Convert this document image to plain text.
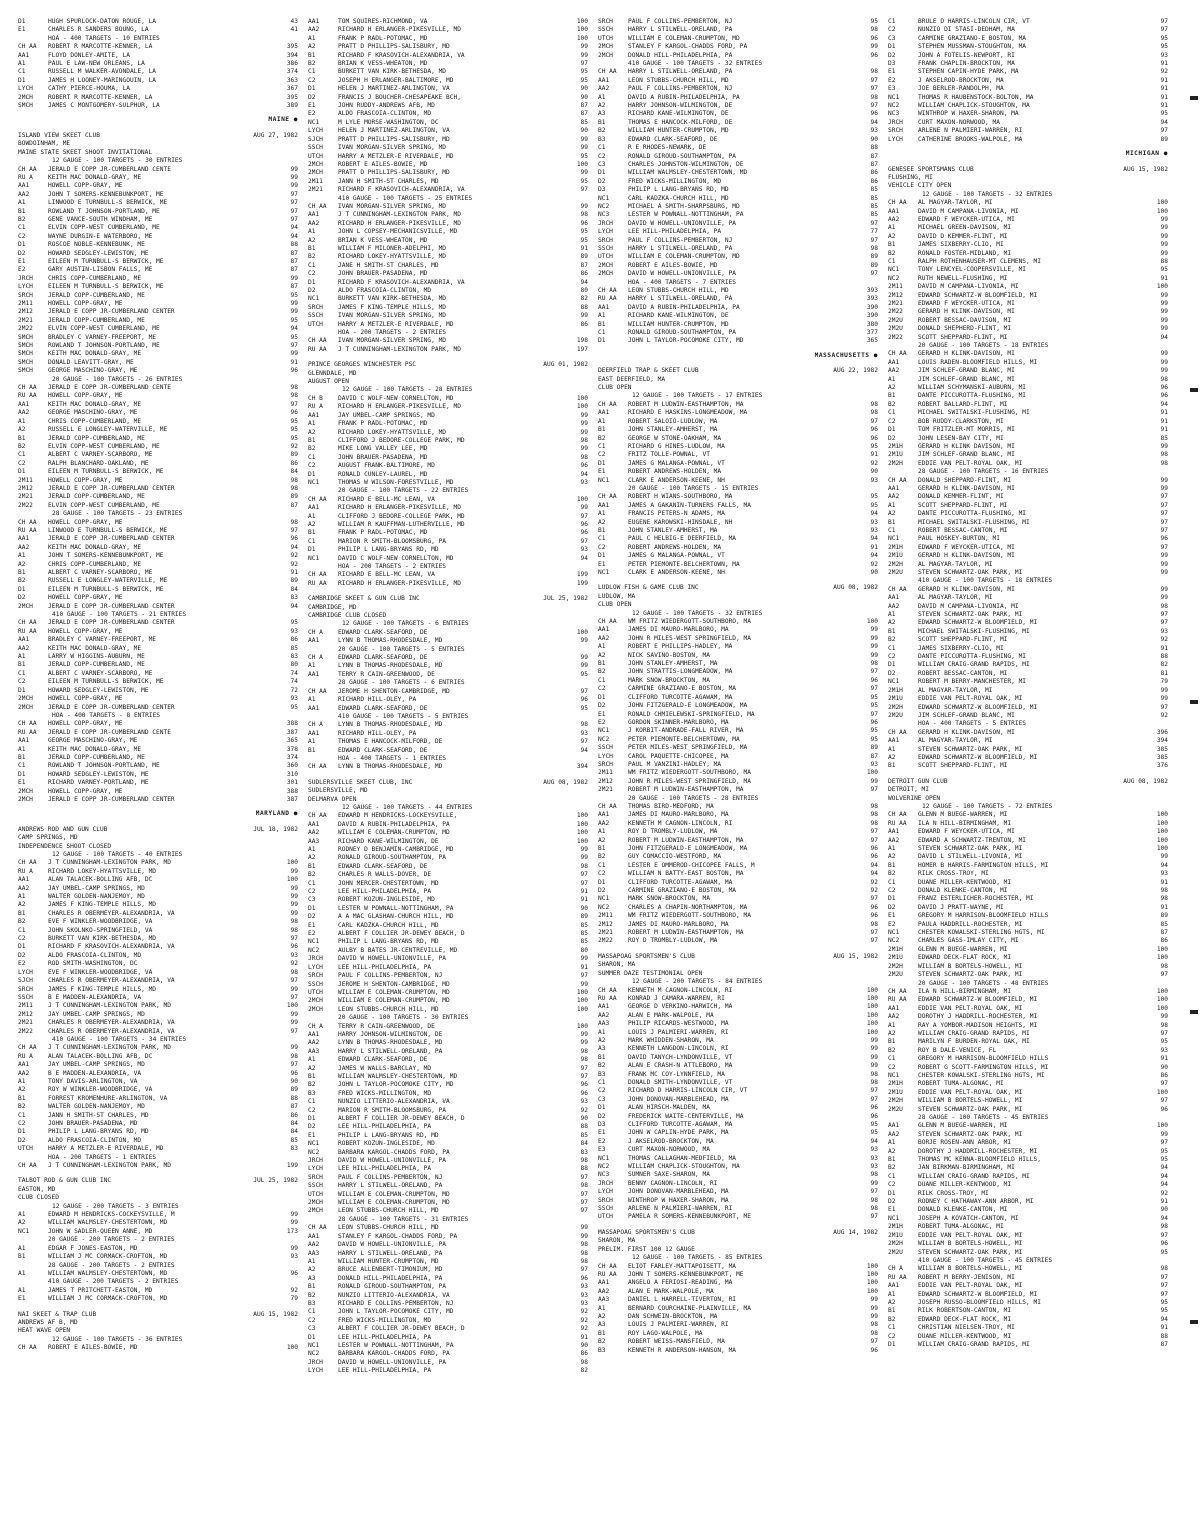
D1	HUGH SPURLOCK-DATON ROUGE, LA	43
E1	CHARLES R SANDERS BOUNG, LA	41
HOA - 400 TARGETS - 10 ENTRIES
CH AA	ROBERT R MARCOTTE-KENNER, LA	395
AA1	FLOYD DONLEY-AMITE, LA	394
A1	PAUL E LAW-NEW ORLEANS, LA	386
C1	RUSSELL M WALKER-AVONDALE, LA	374
D1	JAMES H LOONEY-MARINGOUIN, LA	363
LYCH	CATHY PIERCE-HOUMA, LA	367
2MCH	ROBERT R MARCOTTE-KENNER, LA	395
SMCH	JAMES C MONTGOMERY-SULPHUR, LA	389
MAINE ●
ISLAND VIEW SKEET CLUB	AUG 27, 1982
BOWDOINHAM, ME
MAINE STATE SKEET SHOOT INVITATIONAL
12 GAUGE - 100 TARGETS - 30 ENTRIES
CH AA	JERALD E COPP JR-CUMBERLAND CENTE	99
RU A	KEITH MAC DONALD-GRAY, ME	99
AA1	HOWELL COPP-GRAY, ME	99
AA2	JOHN T SOMERS-KENNEBUNKPORT, ME	97
A1	LINWOOD E TURNBULL-S BERWICK, ME	97
B1	ROWLAND T JOHNSON-PORTLAND, ME	97
B2	GENE VANCE-SOUTH WINDHAM, ME	97
C1	ELVIN COPP-WEST CUMBERLAND, ME	94
C2	WAYNE DURGIN-E WATERBORO, ME	94
D1	ROSCOE NOBLE-KENNEBUNK, ME	88
D2	HOWARD SEDGLEY-LEWISTON, ME	87
E1	EILEEN M TURNBULL-S BERWICK, ME	87
E2	GARY AUSTIN-LISBON FALLS, ME	87
JRCH	CHRIS COPP-CUMBERLAND, ME	99
LYCH	EILEEN M TURNBULL-S BERWICK, ME	87
SRCH	JERALD COPP-CUMBERLAND, ME	95
2M11	HOWELL COPP-GRAY, ME	99
2M12	JERALD E COPP JR-CUMBERLAND CENTER	99
2M21	JERALD COPP-CUMBERLAND, ME	95
2M22	ELVIN COPP-WEST CUMBERLAND, ME	94
SMCH	BRADLEY C VARNEY-FREEPORT, ME	95
SMCH	ROWLAND T JOHNSON-PORTLAND, ME	97
SMCH	KEITH MAC DONALD-GRAY, ME	99
SMCH	DONALD LEAVITT-GRAY, ME	91
SMCH	GEORGE MASCHINO-GRAY, ME	96
20 GAUGE - 100 TARGETS - 26 ENTRIES
CH AA	JERALD E COPP JR-CUMBERLAND CENTE	98
RU AA	HOWELL COPP-GRAY, ME	98
AA1	KEITH MAC DONALD-GRAY, ME	97
AA2	GEORGE MASCHINO-GRAY, ME	96
A1	CHRIS COPP-CUMBERLAND, ME	95
A2	RUSSELL E LONGLEY-WATERVILLE, ME	95
B1	JERALD COPP-CUMBERLAND, ME	95
B2	ELVIN COPP-WEST CUMBERLAND, ME	92
C1	ALBERT C VARNEY-SCARBORO, ME	89
C2	RALPH BLANCHARD-OAKLAND, ME	86
D1	EILEEN M TURNBULL-S BERWICK, ME	84
2M11	HOWELL COPP-GRAY, ME	98
2M12	JERALD E COPP JR-CUMBERLAND CENTER	98
2M21	JERALD COPP-CUMBERLAND, ME	89
2M22	ELVIN COPP-WEST CUMBERLAND, ME	87
28 GAUGE - 100 TARGETS - 23 ENTRIES
CH AA	HOWELL COPP-GRAY, ME	98
RU AA	LINWOOD E TURNBULL-S BERWICK, ME	97
AA1	JERALD E COPP JR-CUMBERLAND CENTER	96
AA2	KEITH MAC DONALD-GRAY, ME	94
A1	JOHN T SOMERS-KENNEBUNKPORT, ME	92
A2	CHRIS COPP-CUMBERLAND, ME	92
B1	ALBERT C VARNEY-SCARBORO, ME	91
B2	RUSSELL E LONGLEY-WATERVILLE, ME	89
D1	EILEEN M TURNBULL-S BERWICK, ME	84
D2	HOWELL COPP-GRAY, ME	83
2MCH	JERALD E COPP JR-CUMBERLAND CENTER	94
410 GAUGE - 100 TARGETS - 21 ENTRIES
CH AA	JERALD E COPP JR-CUMBERLAND CENTER	95
RU AA	HOWELL COPP-GRAY, ME	93
AA1	BRADLEY C VARNEY-FREEPORT, ME	86
AA2	KEITH MAC DONALD-GRAY, ME	85
A1	LARRY W HIGGINS-AUBURN, ME	83
B1	JERALD COPP-CUMBERLAND, ME	80
C1	ALBERT C VARNEY-SCARBORO, ME	74
C2	EILEEN M TURNBULL-S BERWICK, ME	74
D1	HOWARD SEDGLEY-LEWISTON, ME	72
2MCH	HOWELL COPP-GRAY, ME	93
2MCH	JERALD E COPP JR-CUMBERLAND CENTER	95
HOA - 400 TARGETS - 8 ENTRIES
CH AA	HOWELL COPP-GRAY, ME	388
RU AA	JERALD E COPP JR-CUMBERLAND CENTE	387
AA1	GEORGE MASCHINO-GRAY, ME	365
A1	KEITH MAC DONALD-GRAY, ME	378
B1	JERALD COPP-CUMBERLAND, ME	374
C1	ROWLAND T JOHNSON-PORTLAND, ME	360
D1	HOWARD SEDGLEY-LEWISTON, ME	310
E1	RICHARD VARNEY-PORTLAND, ME	301
2MCH	HOWELL COPP-GRAY, ME	388
2MCH	JERALD E COPP JR-CUMBERLAND CENTER	387
MARYLAND ●
ANDREWS ROD AND GUN CLUB	JUL 18, 1982
CAMP SPRINGS, MD
INDEPENDENCE SHOOT CLOSED
12 GAUGE - 100 TARGETS - 40 ENTRIES
CH AA	J T CUNNINGHAM-LEXINGTON PARK, MD	100
RU A	RICHARD LOKEY-HYATTSVILLE, MD	99
AA1	ALAN TALACEK-BOLLING AFB, DC	100
AA2	JAY UMBEL-CAMP SPRINGS, MD	99
A1	WALTER GOLDEN-NANJEMOY, MD	99
A2	JAMES F KING-TEMPLE HILLS, MD	99
B1	CHARLES R OBERMEYER-ALEXANDRIA, VA	99
B2	EVE F WINKLER-WOODBRIDGE, VA	98
C1	JOHN SKOLNKO-SPRINGFIELD, VA	98
C2	BURKETT VAN KIRK-BETHESDA, MD	97
D1	RICHARD F KRASOVICH-ALEXANDRIA, VA	96
D2	ALDO FRASCOIA-CLINTON, MD	93
E2	ROD SMITH-WASHINGTON, DC	92
LYCH	EVE F WINKLER-WOODBRIDGE, VA	98
SJCH	CHARLES R OBERMEYER-ALEXANDRIA, VA	97
SRCH	JAMES F KING-TEMPLE HILLS, MD	99
SSCH	B E MADDEN-ALEXANDRIA, VA	97
2M11	J T CUNNINGHAM-LEXINGTON PARK, MD	100
2M12	JAY UMBEL-CAMP SPRINGS, MD	99
2M21	CHARLES R OBERMEYER-ALEXANDRIA, VA	99
2M22	CHARLES R OBERMEYER-ALEXANDRIA, VA	97
410 GAUGE - 100 TARGETS - 34 ENTRIES
CH AA	J T CUNNINGHAM-LEXINGTON PARK, MD	99
RU A	ALAN TALACEK-BOLLING AFB, DC	98
AA1	JAY UMBEL-CAMP SPRINGS, MD	97
AA2	B E MADDEN-ALEXANDRIA, VA	96
A1	TONY DAVIS-ARLINGTON, VA	90
A2	ROY W WINKLER-WOODBRIDGE, VA	89
B1	FORREST KROMENHURE-ARLINGTON, VA	88
B2	WALTER GOLDEN-NANJEMOY, MD	87
C1	JANN H SMITH-ST CHARLES, MD	86
C2	JOHN BRAUER-PASADENA, MD	84
D1	PHILIP L LANG-BRYANS RD, MD	84
D2	ALDO FRASCOIA-CLINTON, MD	85
UTCH	HARRY A METZLER-E RIVERDALE, MD	83
HOA - 200 TARGETS - 1 ENTRIES
CH AA	J T CUNNINGHAM-LEXINGTON PARK, MD	199
TALBOT ROD & GUN CLUB INC	JUL 25, 1982
EASTON, MD
CLUB CLOSED
12 GAUGE - 200 TARGETS - 3 ENTRIES
A1	EDWARD M HENDRICKS-COCKEYSVILLE, M	99
A2	WILLIAM WALMSLEY-CHESTERTOWN, MD	99
NC1	JOHN W SADLER-QUEEN ANNE, MD	173
20 GAUGE - 200 TARGETS - 2 ENTRIES
A1	EDGAR F JONES-EASTON, MD	99
B1	WILLIAM J MC CORMACK-CROFTON, MD	93
28 GAUGE - 200 TARGETS - 2 ENTRIES
A1	WILLIAM WALMSLEY-CHESTERTOWN, MD	96
410 GAUGE - 200 TARGETS - 2 ENTRIES
A1	JAMES T PRITCHETT-EASTON, MD	92
E1	WILLIAM J MC CORMACK-CROFTON, MD	79
NAI SKEET & TRAP CLUB	AUG 15, 1982
ANDREWS AF B, MD
HEAT WAVE OPEN
12 GAUGE - 100 TARGETS - 36 ENTRIES
CH AA	ROBERT E AILES-BOWIE, MD	100
AA1	TOM SQUIRES-RICHMOND, VA	100
AA2	RICHARD H ERLANGER-PIKESVILLE, MD	100
A1	FRANK P RADL-POTOMAC, MD	100
A2	PRATT D PHILLIPS-SALISBURY, MD	99
B1	RICHARD F KRASOVICH-ALEXANDRIA, VA	99
B2	BRIAN K VESS-WHEATON, MD	97
C1	BURKETT VAN KIRK-BETHESDA, MD	95
C2	JOSEPH H ERLANGER-BALTIMORE, MD	95
D1	HELEN J MARTINEZ-ARLINGTON, VA	90
D2	FRANCIS J BOUCHER-CHESAPEAKE BCH,	90
E1	JOHN RUDDY-ANDREWS AFB, MD	87
E2	ALDO FRASCOIA-CLINTON, MD	87
NC1	M LYLE MORSE-WASHINGTON, DC	85
LYCH	HELEN J MARTINEZ-ARLINGTON, VA	90
SJCH	PRATT D PHILLIPS-SALISBURY, MD	99
SSCH	IVAN MORGAN-SILVER SPRING, MD	99
UTCH	HARRY A METZLER-E RIVERDALE, MD	95
2MCH	ROBERT E AILES-BOWIE, MD	100
2MCH	PRATT D PHILLIPS-SALISBURY, MD	99
2M11	JANN H SMITH-ST CHARLES, MD	95
2M21	RICHARD F KRASOVICH-ALEXANDRIA, VA	97
410 GAUGE - 100 TARGETS - 25 ENTRIES
CH AA	IVAN MORGAN-SILVER SPRING, MD	99
AA1	J T CUNNINGHAM-LEXINGTON PARK, MD	98
AA2	RICHARD H ERLANGER-PIKESVILLE, MD	96
A1	JOHN L COPSEY-MECHANICSVILLE, MD	95
A2	BRIAN K VESS-WHEATON, MD	95
B1	WILLIAM F MILONER-ADELPHI, MD	91
B2	RICHARD LOKEY-HYATTSVILLE, MD	89
C1	JANE H SMITH-ST CHARLES, MD	87
C2	JOHN BRAUER-PASADENA, MD	86
D1	RICHARD F KRASOVICH-ALEXANDRIA, VA	94
D2	ALDO FRASCOIA-CLINTON, MD	80
NC1	BURKETT VAN KIRK-BETHESDA, MD	82
SRCH	JAMES F KING-TEMPLE HILLS, MD	88
SSCH	IVAN MORGAN-SILVER SPRING, MD	99
UTCH	HARRY A METZLER-E RIVERDALE, MD	86
HOA - 200 TARGETS - 2 ENTRIES
CH AA	IVAN MORGAN-SILVER SPRING, MD	198
RU AA	J T CUNNINGHAM-LEXINGTON PARK, MD	197
PRINCE GEORGES WINCHESTER PSC	AUG 01, 1982
GLENNDALE, MD
AUGUST OPEN
12 GAUGE - 100 TARGETS - 28 ENTRIES
CH B	DAVID C WOLF-NEW CORNELLTON, MD	100
RU A	RICHARD H ERLANGER-PIKESVILLE, MD	100
AA1	JAY UMBEL-CAMP SPRINGS, MD	99
A1	FRANK P RADL-POTOMAC, MD	99
A2	RICHARD LOKEY-HYATTSVILLE, MD	99
B1	CLIFFORD J BEDORE-COLLEGE PARK, MD	98
B2	MIKE LONG VALLEY LEE, MD	99
C1	JOHN BRAUER-PASADENA, MD	98
C2	AUGUST FRANK-BALTIMORE, MD	96
D1	RONALD CUNLEY-LAUREL, MD	94
NC1	THOMAS W WILSON-FORESTVILLE, MD	93
20 GAUGE - 100 TARGETS - 22 ENTRIES
CH AA	RICHARD E BELL-MC LEAN, VA	100
AA1	RICHARD H ERLANGER-PIKESVILLE, MD	99
A1	CLIFFORD J BEDORE-COLLEGE PARK, MD	97
A2	WILLIAM R KAUFFMAN-LUTHERVILLE, MD	96
B1	FRANK P RADL-POTOMAC, MD	96
C1	MARION R SMITH-BLOOMSBURG, PA	97
D1	PHILIP L LANG-BRYANS RD, MD	93
NC1	DAVID C WOLF-NEW CORNELLTON, MD	94
HOA - 200 TARGETS - 2 ENTRIES
CH AA	RICHARD E BELL-MC LEAN, VA	199
RU AA	RICHARD H ERLANGER-PIKESVILLE, MD	199
CAMBRIDGE SKEET & GUN CLUB INC	JUL 25, 1982
CAMBRIDGE, MD
CAMBRIDGE CLUB CLOSED
12 GAUGE - 100 TARGETS - 6 ENTRIES
CH A	EDWARD CLARK-SEAFORD, DE	100
AA1	LYNN B THOMAS-RHODESDALE, MD	99
20 GAUGE - 100 TARGETS - 5 ENTRIES
CH A	EDWARD CLARK-SEAFORD, DE	99
A1	LYNN B THOMAS-RHODESDALE, MD	99
AA1	TERRY R CAIN-GREENWOOD, DE	95
28 GAUGE - 100 TARGETS - 6 ENTRIES
CH AA	JEROME H SHENTON-CAMBRIDGE, MD	97
A1	RICHARD HILL-OLEY, PA	96
AA1	EDWARD CLARK-SEAFORD, DE	95
410 GAUGE - 100 TARGETS - 5 ENTRIES
CH A	LYNN B THOMAS-RHODESDALE, MD	98
AA1	RICHARD HILL-OLEY, PA	93
A1	THOMAS E HANCOCK-MILFORD, DE	97
B1	EDWARD CLARK-SEAFORD, DE	94
HOA - 400 TARGETS - 1 ENTRIES
CH AA	LYNN B THOMAS-RHODESDALE, MD	394
SUDLERSVILLE SKEET CLUB, INC	AUG 08, 1982
SUDLERSVILLE, MD
DELMARVA OPEN
12 GAUGE - 100 TARGETS - 44 ENTRIES
CH AA	EDWARD M HENDRICKS-LOCKEYSVILLE,	100
AA1	DAVID A RUBIN-PHILADELPHIA, PA	100
AA2	WILLIAM E COLEMAN-CRUMPTON, MD	100
AA3	RICHARD KANE-WILMINGTON, DE	100
A1	RODNEY D BENJAMIN-CAMBRIDGE, MD	99
A2	RONALD GIROUD-SOUTHAMPTON, PA	99
B1	EDWARD CLARK-SEAFORD, DE	98
B2	CHARLES R WALLS-DOVER, DE	97
C1	JOHN MERCER-CHESTERTOWN, MD	97
C2	LEE HILL-PHILADELPHIA, PA	91
C3	ROBERT KOZUN-INGLESIDE, MD	91
D1	LESTER W POWNALL-NOTTINGHAM, PA	90
D2	A A MAC GLASHAN-CHURCH HILL, MD	89
E1	CARL KADZKA-CHURCH HILL, MD	85
E2	ALBERT F COLLIER JR-DEWEY BEACH, D	85
NC1	PHILIP L LANG-BRYANS RD, MD	85
NC2	AULBY B BATES JR-CENTREVILLE, MD	80
JRCH	DAVID W HOWELL-UNIONVILLE, PA	99
LYCH	LEE HILL-PHILADELPHIA, PA	91
SRCH	PAUL F COLLINS-PEMBERTON, NJ	97
SSCH	JEROME H SHENTON-CAMBRIDGE, MD	99
UTCH	WILLIAM E COLEMAN-CRUMPTON, MD	100
2MCH	WILLIAM E COLEMAN-CRUMPTON, MD	100
2MCH	LEON STUBBS-CHURCH HILL, MD	100
20 GAUGE - 100 TARGETS - 30 ENTRIES
CH A	TERRY R CAIN-GREENWOOD, DE	100
AA1	HARRY JOHNSON-WILMINGTON, DE	99
AA2	LYNN B THOMAS-RHODESDALE, MD	99
AA3	HARRY L STILWELL-ORELAND, PA	98
A1	EDWARD CLARK-SEAFORD, DE	98
A2	JAMES W WALLS-BARCLAY, MD	97
B1	WILLIAM WALMSLEY-CHESTERTOWN, MD	97
B2	JOHN L TAYLOR-POCOMOKE CITY, MD	96
B3	FRED WICKS-MILLINGTON, MD	96
C1	NUNZIO LITTERIO-ALEXANDRIA, VA	93
C2	MARION R SMITH-BLOOMSBURG, PA	92
D1	ALBERT F COLLIER JR-DEWEY BEACH, D	90
D2	LEE HILL-PHILADELPHIA, PA	88
E1	PHILIP L LANG-BRYANS RD, MD	85
NC1	ROBERT KOZUN-INGLESIDE, MD	84
NC2	BARBARA KARGOL-CHADDS FORD, PA	83
JRCH	DAVID W HOWELL-UNIONVILLE, PA	98
LYCH	LEE HILL-PHILADELPHIA, PA	88
SRCH	PAUL F COLLINS-PEMBERTON, NJ	97
SSCH	HARRY L STILWELL-ORELAND, PA	98
UTCH	WILLIAM E COLEMAN-CRUMPTON, MD	97
2MCH	WILLIAM E COLEMAN-CRUMPTON, MD	97
2MCH	LEON STUBBS-CHURCH HILL, MD	97
28 GAUGE - 100 TARGETS - 31 ENTRIES
CH AA	LEON STUBBS-CHURCH HILL, MD	99
AA1	STANLEY F KARGOL-CHADDS FORD, PA	99
AA2	DAVID W HOWELL-UNIONVILLE, PA	98
AA3	HARRY L STILWELL-ORELAND, PA	98
A1	WILLIAM HUNTER-CRUMPTON, MD	98
A2	BRUCE ALLENBERT-TIMONIUM, MD	97
A3	DONALD HILL-PHILADELPHIA, PA	96
B1	RONALD GIROUD-SOUTHAMPTON, PA	93
B2	NUNZIO LITTERIO-ALEXANDRIA, VA	93
B3	RICHARD E COLLINS-PEMBERTON, NJ	93
C1	JOHN L TAYLOR-POCOMOKE CITY, MD	92
C2	FRED WICKS-MILLINGTON, MD	92
C3	ALBERT F COLLIER JR-DEWEY BEACH, D	92
D1	LEE HILL-PHILADELPHIA, PA	91
NC1	LESTER W POWNALL-NOTTINGHAM, PA	90
NC2	BARBARA KARGOL-CHADDS FORD, PA	86
JRCH	DAVID W HOWELL-UNIONVILLE, PA	98
LYCH	LEE HILL-PHILADELPHIA, PA	82
SRCH	PAUL F COLLINS-PEMBERTON, NJ	95
SSCH	HARRY L STILWELL-ORELAND, PA	98
UTCH	WILLIAM E COLEMAN-CRUMPTON, MD	96
2MCH	STANLEY F KARGOL-CHADDS FORD, PA	99
2MCH	DONALD HILL-PHILADELPHIA, PA	96
410 GAUGE - 100 TARGETS - 32 ENTRIES
CH AA	HARRY L STILWELL-ORELAND, PA	98
AA1	LEON STUBBS-CHURCH HILL, MD	97
AA2	PAUL F COLLINS-PEMBERTON, NJ	97
A1	DAVID A RUBIN-PHILADELPHIA, PA	98
A2	HARRY JOHNSON-WILMINGTON, DE	97
A3	RICHARD KANE-WILMINGTON, DE	96
B1	THOMAS E HANCOCK-MILFORD, DE	94
B2	WILLIAM HUNTER-CRUMPTON, MD	93
B3	EDWARD CLARK-SEAFORD, DE	90
C1	R E RHODES-NEWARK, DE	88
C2	RONALD GIROUD-SOUTHAMPTON, PA	87
C3	CHARLES JOHNSTON-WILMINGTON, DE	87
D1	WILLIAM WALMSLEY-CHESTERTOWN, MD	86
D2	FRED WICKS-MILLINGTON, MD	86
D3	PHILIP L LANG-BRYANS RD, MD	85
NC1	CARL KADZKA-CHURCH HILL, MD	85
NC2	MICHAEL A SMITH-SHARPSBURG, MD	85
NC3	LESTER W POWNALL-NOTTINGHAM, PA	85
JRCH	DAVID W HOWELL-UNIONVILLE, PA	97
LYCH	LEE HILL-PHILADELPHIA, PA	77
SRCH	PAUL F COLLINS-PEMBERTON, NJ	97
SSCH	HARRY L STILWELL-ORELAND, PA	98
UTCH	WILLIAM E COLEMAN-CRUMPTON, MD	89
2MCH	ROBERT E AILES-BOWIE, MD	89
2MCH	DAVID W HOWELL-UNIONVILLE, PA	97
HOA - 400 TARGETS - 7 ENTRIES
CH AA	LEON STUBBS-CHURCH HILL, MD	393
RU AA	HARRY L STILWELL-ORELAND, PA	393
AA1	DAVID A RUBIN-PHILADELPHIA, PA	390
A1	RICHARD KANE-WILMINGTON, DE	390
B1	WILLIAM HUNTER-CRUMPTON, MD	380
C1	RONALD GIROUD-SOUTHAMPTON, PA	377
D1	JOHN L TAYLOR-POCOMOKE CITY, MD	365
MASSACHUSETTS ●
DEERFIELD TRAP & SKEET CLUB	AUG 22, 1982
EAST DEERFIELD, MA
CLUB OPEN
12 GAUGE - 100 TARGETS - 17 ENTRIES
CH AA	ROBERT M LUDWIN-EASTHAMPTON, MA	98
AA1	RICHARD E HASKINS-LONGMEADOW, MA	98
A1	ROBERT SALOIO-LUDLOW, MA	97
B1	JOHN STANLEY-AMHERST, MA	96
B2	GEORGE W STONE-OAKHAM, MA	96
C1	RICHARD G HINES-LUDLOW, MA	95
C2	FRITZ TOLLE-POWNAL, VT	91
D1	JAMES G MALANGA-POWNAL, VT	92
E1	ROBERT ANDREWS-HOLDEN, MA	90
NC1	CLARK E ANDERSON-KEENE, NH	93
20 GAUGE - 100 TARGETS - 15 ENTRIES
CH AA	ROBERT H WIANS-SOUTHBORO, MA	95
AA1	JAMES A GAKANIN-TURNERS FALLS, MA	95
A1	FRANCIS PETERS-N ADAMS, MA	94
A2	EUGENE KAROWSKI-HINSDALE, NH	93
B1	JOHN STANLEY-AMHERST, MA	93
C1	PAUL C HELBIG-E DEERFIELD, MA	94
C2	ROBERT ANDREWS-HOLDEN, MA	91
D1	JAMES G MALANGA-POWNAL, VT	94
E1	PETER PIEMONTE-BELCHERTOWN, MA	92
NC1	CLARK E ANDERSON-KEENE, NH	90
LUDLOW FISH & GAME CLUB INC	AUG 08, 1982
LUDLOW, MA
CLUB OPEN
12 GAUGE - 100 TARGETS - 32 ENTRIES
CH AA	WM FRITZ WIEDERGOTT-SOUTHBORO, MA	100
AA1	JAMES DI MAURO-MARLBORO, MA	99
AA2	JOHN R MILES-WEST SPRINGFIELD, MA	99
A1	ROBERT E PHILLIPS-HADLEY, MA	99
A2	NICK SAVINO-BOSTON, MA	99
B1	JOHN STANLEY-AMHERST, MA	98
B2	JOHN STRATTIS-LONGMEADOW, MA	97
C1	MARK SNOW-BROCKTON, MA	96
C2	CARMINE GRAZIANO-E BOSTON, MA	97
D1	CLIFFORD TURCOTTE-AGAWAM, MA	95
D2	JOHN FITZGERALD-E LONGMEADOW, MA	95
E1	RONALD CHMIELEWSKI-SPRINGFIELD, MA	97
E2	GORDON SKINNER-MARLBORO, MA	96
NC1	J KORBIT-ANDRADE-FALL RIVER, MA	95
NC2	PETER PIEMONTE-BELCHERTOWN, MA	95
SSCH	PETER MILES-WEST SPRINGFIELD, MA	89
LYCH	CAROL PAQUETTE-CHICOPEE, MA	87
SRCH	PAUL M VANZINI-HADLEY, MA	93
2M11	WM FRITZ WIEDERGOTT-SOUTHBORO, MA	100
2M12	JOHN R MILES-WEST SPRINGFIELD, MA	99
2M21	ROBERT M LUDWIN-EASTHAMPTON, MA	97
20 GAUGE - 100 TARGETS - 28 ENTRIES
CH AA	THOMAS BIRD-MEDFORD, MA	98
AA1	JAMES DI MAURO-MARLBORO, MA	98
AA2	KENNETH M CAGNON-LINCOLN, RI	98
A1	ROY D TROMBLY-LUDLOW, MA	97
A2	ROBERT M LUDWIN-EASTHAMPTON, MA	97
B1	JOHN FITZGERALD-E LONGMEADOW, MA	96
B2	GUY COMACCIO-WESTFORD, MA	96
C1	LESTER E OMMEROD-CHICOPEE FALLS, M	94
C2	WILLIAM N BATTY-EAST BOSTON, MA	94
D1	CLIFFORD TURCOTTE-AGAWAM, MA	92
D2	CARMINE GRAZIANO-E BOSTON, MA	92
NC1	MARK SNOW-BROCKTON, MA	97
NC2	CHARLES A CHAPIN-NORTHAMPTON, MA	96
2M11	WM FRITZ WIEDERGOTT-SOUTHBORO, MA	96
2M12	JAMES DI MAURO-MARLBORO, MA	98
2M21	ROBERT M LUDWIN-EASTHAMPTON, MA	97
2M22	ROY D TROMBLY-LUDLOW, MA	97
MASSAPOAG SPORTSMEN'S CLUB	AUG 15, 1982
SHARON, MA
SUMMER DAZE TESTIMONIAL OPEN
12 GAUGE - 200 TARGETS - 84 ENTRIES
CH AA	KENNETH M CAGNON-LINCOLN, RI	100
RU AA	KONRAD J CAMARA-WARREN, RI	100
AA1	GEORGE D VERKINO-HARWICH, MA	100
AA2	ALAN E MARK-WALPOLE, MA	100
AA3	PHILIP RICARDS-WESTWOOD, MA	100
A1	LOUIS J PALMIERI-WARREN, RI	100
A2	MARK WHIDDEN-SHARON, MA	99
A3	KENNETH LANGDON-LINCOLN, RI	99
B1	DAVID TANYCH-LYNDONVILLE, VT	99
B2	ALAN E CRASH-N ATTLEBORO, MA	99
B3	FRANK MC COY-LYNNFIELD, MA	98
C1	DONALD SMITH-LYNDONVILLE, VT	98
C2	RICHARD D HARRIS-LINCOLN CIR, VT	97
C3	JOHN DONOVAN-MARBLEHEAD, MA	97
D1	ALAN HIRSCH-MALDEN, MA	96
D2	FREDERICK WAITE-CENTERVILLE, MA	96
D3	CLIFFORD TURCOTTE-AGAWAM, MA	95
E1	JOHN W CAPLIN-HYDE PARK, MA	95
E2	J AKSELROD-BROCKTON, MA	94
E3	CURT MAXON-NORWOOD, MA	93
NC1	THOMAS CALLAGHAN-MEDFIELD, MA	93
NC2	WILLIAM CHAPLICK-STOUGHTON, MA	93
NC3	SUMNER SAXE-SHARON, MA	98
JRCH	BENNY CAGNON-LINCOLN, RI	99
LYCH	JOHN DONOVAN-MARBLEHEAD, MA	97
SRCH	WINTHROP W HAXER-SHARON, MA	98
SSCH	ARLENE N PALMIERI-WARREN, RI	98
UTCH	PAMELA R SOMERS-KENNEBUNKPORT, ME	97
MASSAPOAG SPORTSMEN'S CLUB	AUG 14, 1982
SHARON, MA
PRELIM. FIRST 100 12 GAUGE
12 GAUGE - 100 TARGETS - 85 ENTRIES
CH AA	ELIOT FARLEY-MATTAPOISETT, MA	100
RU AA	JOHN T SOMERS-KENNEBUNKPORT, ME	100
AA1	ANGELO A FERIOSI-READING, MA	100
AA2	ALAN E MARK-WALPOLE, MA	100
AA3	DANIEL L HARRELL-TIVERTON, RI	99
A1	BERNARD COURCHAINE-PLAINVILLE, MA	99
A2	DAN SCHWEIN-BROCKTON, MA	99
A3	LOUIS J PALMIERI-WARREN, RI	98
B1	ROY LAGO-WALPOLE, MA	98
B2	ROBERT WEISS-MANSFIELD, MA	97
B3	KENNETH R ANDERSON-HANSON, MA	96
C1	BRULE D HARRIS-LINCOLN CIR, VT	97
C2	NUNZIO DI STASI-DEDHAM, MA	97
C3	CARMINE GRAZIANO-E BOSTON, MA	95
D1	STEPHEN MUSSMAN-STOUGHTON, MA	95
D2	JOHN A FOTELIS-NEWPORT, RI	93
D3	FRANK CHAPLIN-BROCKTON, MA	91
E1	STEPHEN CAPIN-HYDE PARK, MA	92
E2	J AKSELROD-BROCKTON, MA	91
E3	JOE BERLER-RANDOLPH, MA	91
NC1	THOMAS R HAUBENSTOCK-BOLTON, MA	91
NC2	WILLIAM CHAPLICK-STOUGHTON, MA	91
NC3	WINTHROP W HAXER-SHARON, MA	95
JRCH	CURT MAXON-NORWOOD, MA	94
SRCH	ARLENE N PALMIERI-WARREN, RI	97
LYCH	CATHERINE BROOKS-WALPOLE, MA	89
MICHIGAN ●
GENESEE SPORTSMANS CLUB	AUG 15, 1982
FLUSHING, MI
VEHICLE CITY OPEN
12 GAUGE - 100 TARGETS - 32 ENTRIES
CH AA	AL MAGYAR-TAYLOR, MI	100
AA1	DAVID M CAMPANA-LIVONIA, MI	100
AA2	EDWARD F WEYCKER-UTICA, MI	99
A1	MICHAEL GREEN-DAVISON, MI	99
A2	DAVID D KEMMER-FLINT, MI	99
B1	JAMES SIXBERRY-CLIO, MI	99
B2	RONALD FOSTER-MIDLAND, MI	99
C1	RALPH ROTHENHAUSER-MT CLEMENS, MI	88
NC1	TONY LENCYEL-COOPERSVILLE, MI	95
NC2	RUTH NEWELL-FLUSHING, MI	91
2M11	DAVID M CAMPANA-LIVONIA, MI	100
2M12	EDWARD SCHWARTZ-W BLOOMFIELD, MI	99
2M21	EDWARD F WEYCKER-UTICA, MI	99
2M22	GERARD H KLINK-DAVISON, MI	99
2M2U	ROBERT BESSAC-DAVISON, MI	99
2M2U	DONALD SHEPHERD-FLINT, MI	99
2M22	SCOTT SHEPPARD-FLINT, MI	94
20 GAUGE - 100 TARGETS - 18 ENTRIES
CH AA	GERARD H KLINK-DAVISON, MI	99
AA1	LOUIS RADEN-BLOOMFIELD HILLS, MI	99
AA2	JIM SCHLEF-GRAND BLANC, MI	99
A1	JIM SCHLEF-GRAND BLANC, MI	98
A2	WILLIAM SCHYMANSKI-AUBURN, MI	96
B1	DANTE PICCUROTTA-FLUSHING, MI	96
B2	ROBERT BALLARD-FLINT, MI	94
C1	MICHAEL SWITALSKI-FLUSHING, MI	91
C2	BOB RUDDY-CLARKSTON, MI	91
D1	TOM FRITZLER-MT MORRIS, MI	91
D2	JOHN LESEN-BAY CITY, MI	85
2M1H	GERARD H KLINK DAVISON, MI	99
2M1U	JIM SCHLEF-GRAND BLANC, MI	98
2M2H	EDDIE VAN PELT-ROYAL OAK, MI	98
28 GAUGE - 100 TARGETS - 16 ENTRIES
CH AA	DONALD SHEPPARD-FLINT, MI	99
AA1	GERARD H KLINK-DAVISON, MI	99
AA2	DONALD KEMMER-FLINT, MI	97
A1	SCOTT SHEPPARD-FLINT, MI	97
A2	DANTE PICCUROTTA-FLUSHING, MI	97
B1	MICHAEL SWITALSKI-FLUSHING, MI	97
C1	ROBERT BESSAC-CANTON, MI	97
NC1	PAUL HOSKEY-BURTON, MI	96
2M1H	EDWARD F WEYCKER-UTICA, MI	97
2M1U	GERARD H KLINK-DAVISON, MI	99
2M2H	AL MAGYAR-TAYLOR, MI	99
2M2U	STEVEN SCHWARTZ-OAK PARK, MI	99
410 GAUGE - 100 TARGETS - 18 ENTRIES
CH AA	GERARD H KLINK-DAVISON, MI	99
AA1	AL MAGYAR-TAYLOR, MI	99
AA2	DAVID M CAMPANA-LIVONIA, MI	98
A1	STEVEN SCHWARTZ-OAK PARK, MI	97
A2	EDWARD SCHWARTZ-W BLOOMFIELD, MI	97
B1	MICHAEL SWITALSKI-FLUSHING, MI	93
B2	SCOTT SHEPPARD-FLINT, MI	92
C1	JAMES SIXBERRY-CLIO, MI	91
C2	DANTE PICCUROTTA-FLUSHING, MI	88
D1	WILLIAM CRAIG-GRAND RAPIDS, MI	82
D2	ROBERT BESSAC-CANTON, MI	81
NC1	ROBERT M BERRY-MANCHESTER, MI	79
2M1H	AL MAGYAR-TAYLOR, MI	99
2M1U	EDDIE VAN PELT-ROYAL OAK, MI	99
2M2H	EDWARD SCHWARTZ-W BLOOMFIELD, MI	97
2M2U	JIM SCHLEF-GRAND BLANC, MI	92
HOA - 400 TARGETS - 5 ENTRIES
CH AA	GERARD H KLINK-DAVISON, MI	396
AA1	AL MAGYAR-TAYLOR, MI	394
A1	STEVEN SCHWARTZ-OAK PARK, MI	385
A2	EDWARD SCHWARTZ-W BLOOMFIELD, MI	385
B1	SCOTT SHEPPARD-FLINT, MI	376
DETROIT GUN CLUB	AUG 08, 1982
DETROIT, MI
WOLVERINE OPEN
12 GAUGE - 100 TARGETS - 72 ENTRIES
CH AA	GLENN M BUEGE-WARREN, MI	100
RU AA	ILA N HILL-BIRMINGHAM, MI	100
AA1	EDWARD F WEYCKER-UTICA, MI	100
AA2	EDWARD A SCHWARTZ-TRENTON, MI	100
A1	STEVEN SCHWARTZ-OAK PARK, MI	100
A2	DAVID L STILWELL-LIVONIA, MI	99
B1	HOMER B HARRIS-FARMINGTON HILLS, MI	94
B2	RILK CROSS-TROY, MI	93
C1	DUANE MILLER-KENTWOOD, MI	91
C2	DONALD KLENKE-CANTON, MI	98
D1	FRANZ ESTERLICHER-ROCHESTER, MI	98
D2	DAVID J PRATT-WAYNE, MI	91
E1	GREGORY M HARRISON-BLOOMFIELD HILLS	89
E2	PAULA HADDRILL-ROCHESTER, MI	85
NC1	CHESTER KOWALSKI-STERLING HGTS, MI	87
NC2	CHARLES GASS-IMLAY CITY, MI	86
2M1H	GLENN M BUEGE-WARREN, MI	100
2M1U	EDWARD DECK-FLAT ROCK, MI	100
2M2H	WILLIAM B BORTELS-HOWELL, MI	98
2M2U	STEVEN SCHWARTZ-OAK PARK, MI	97
20 GAUGE - 100 TARGETS - 48 ENTRIES
CH AA	ILA N HILL-BIRMINGHAM, MI	100
RU AA	EDWARD SCHWARTZ-W BLOOMFIELD, MI	100
AA1	EDDIE VAN PELT-ROYAL OAK, MI	100
AA2	DOROTHY J HADDRILL-ROCHESTER, MI	99
A1	RAY A YOMBOR-MADISON HEIGHTS, MI	98
A2	WILLIAM CRAIG-GRAND RAPIDS, MI	97
B1	MARILYN F BURDEN-ROYAL OAK, MI	95
B2	ROY B DALE-VENICE, FL	93
C1	GREGORY M HARRISON-BLOOMFIELD HILLS	91
C2	ROBERT G SCOTT-FARMINGTON HILLS, MI	90
NC1	CHESTER KOWALSKI-STERLING HGTS, MI	86
2M1H	ROBERT TUMA-ALGONAC, MI	97
2M1U	EDDIE VAN PELT-ROYAL OAK, MI	100
2M2H	WILLIAM B BORTELS-HOWELL, MI	97
2M2U	STEVEN SCHWARTZ-OAK PARK, MI	96
28 GAUGE - 100 TARGETS - 45 ENTRIES
AA1	GLENN M BUEGE-WARREN, MI	100
AA2	STEVEN SCHWARTZ-OAK PARK, MI	99
A1	BORJE ROSEN-ANN ARBOR, MI	97
A2	DOROTHY J HADDRILL-ROCHESTER, MI	95
B1	THOMAS MC KENNA-BLOOMFIELD HILLS,	95
B2	JAN BIRKMAN-BIRMINGHAM, MI	94
C1	WILLIAM CRAIG-GRAND RAPIDS, MI	94
C2	DUANE MILLER-KENTWOOD, MI	94
D1	RILK CROSS-TROY, MI	92
D2	RODNEY C HATHAWAY-ANN ARBOR, MI	91
E1	DONALD KLENKE-CANTON, MI	90
NC1	JOSEPH A KOVATCH-CANTON, MI	94
2M1H	ROBERT TUMA-ALGONAC, MI	98
2M1U	EDDIE VAN PELT-ROYAL OAK, MI	97
2M2H	WILLIAM B BORTELS-HOWELL, MI	96
2M2U	STEVEN SCHWARTZ-OAK PARK, MI	95
410 GAUGE - 100 TARGETS - 45 ENTRIES
CH A	WILLIAM B BORTELS-HOWELL, MI	98
RU AA	ROBERT M BERRY-JENISON, MI	97
AA1	EDDIE VAN PELT-ROYAL OAK, MI	97
A1	EDWARD SCHWARTZ-W BLOOMFIELD, MI	97
A2	JOSEPH RUSSO-BLOOMFIELD HILLS, MI	95
B1	RILK ROBERTSON-CANTON, MI	95
B2	EDWARD DECK-FLAT ROCK, MI	94
C1	CHRISTIAN NIELSEN-TROY, MI	91
C2	DUANE MILLER-KENTWOOD, MI	88
D1	WILLIAM CRAIG-GRAND RAPIDS, MI	87
